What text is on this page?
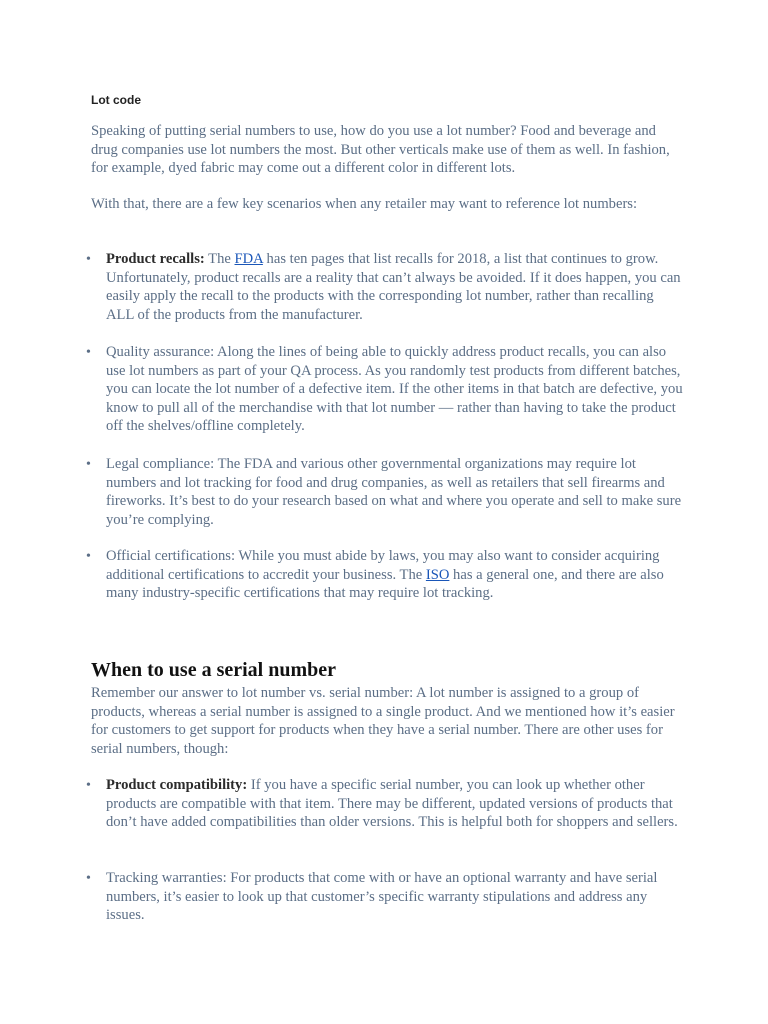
Lot code

Speaking of putting serial numbers to use, how do you use a lot number? Food and beverage and drug companies use lot numbers the most. But other verticals make use of them as well. In fashion, for example, dyed fabric may come out a different color in different lots.

With that, there are a few key scenarios when any retailer may want to reference lot numbers:

•	Product recalls: The FDA has ten pages that list recalls for 2018, a list that continues to grow. Unfortunately, product recalls are a reality that can’t always be avoided. If it does happen, you can easily apply the recall to the products with the corresponding lot number, rather than recalling ALL of the products from the manufacturer.

•	Quality assurance: Along the lines of being able to quickly address product recalls, you can also use lot numbers as part of your QA process. As you randomly test products from different batches, you can locate the lot number of a defective item. If the other items in that batch are defective, you know to pull all of the merchandise with that lot number — rather than having to take the product off the shelves/offline completely.

•	Legal compliance: The FDA and various other governmental organizations may require lot numbers and lot tracking for food and drug companies, as well as retailers that sell firearms and fireworks. It’s best to do your research based on what and where you operate and sell to make sure you’re complying.

•	Official certifications: While you must abide by laws, you may also want to consider acquiring additional certifications to accredit your business. The ISO has a general one, and there are also many industry-specific certifications that may require lot tracking.

When to use a serial number

Remember our answer to lot number vs. serial number: A lot number is assigned to a group of products, whereas a serial number is assigned to a single product. And we mentioned how it’s easier for customers to get support for products when they have a serial number. There are other uses for serial numbers, though:

•	Product compatibility: If you have a specific serial number, you can look up whether other products are compatible with that item. There may be different, updated versions of products that don’t have added compatibilities than older versions. This is helpful both for shoppers and sellers.

•	Tracking warranties: For products that come with or have an optional warranty and have serial numbers, it’s easier to look up that customer’s specific warranty stipulations and address any issues.
